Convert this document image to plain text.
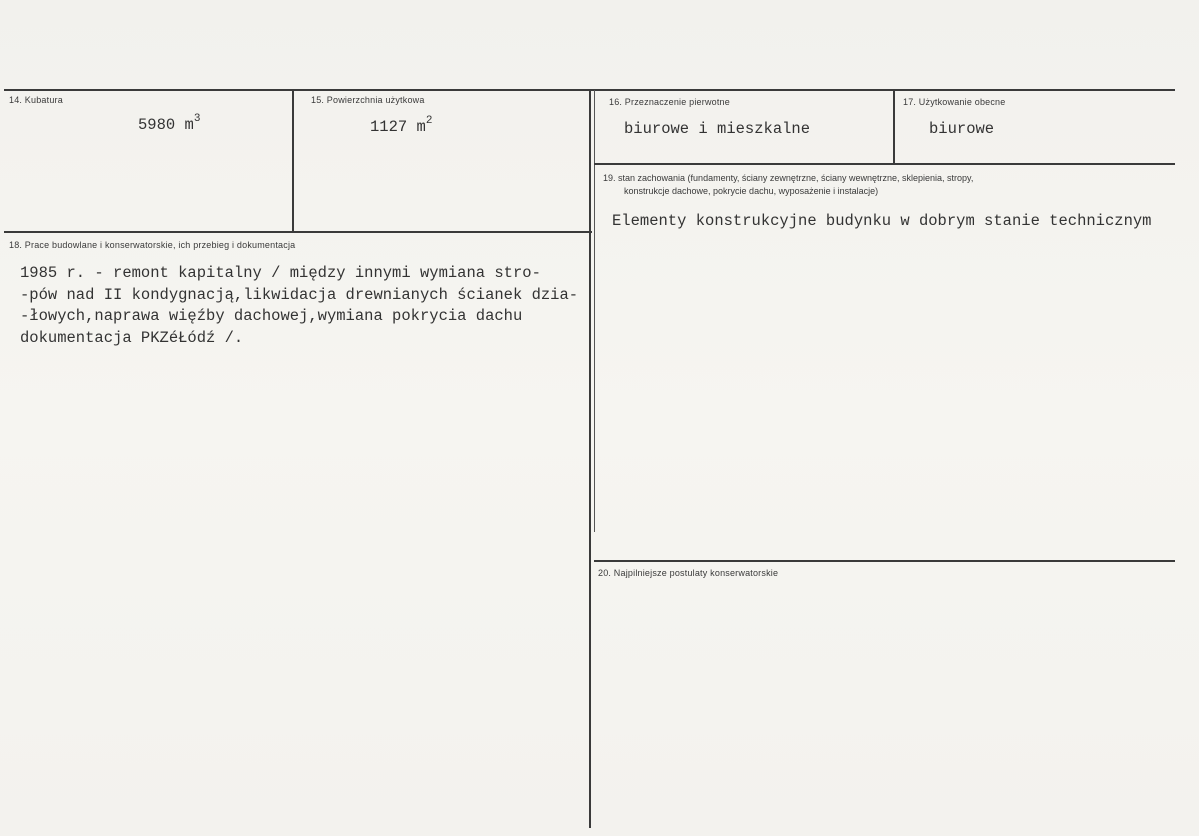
14. Kubatura
5980 $m^3$
15. Powierzchnia użytkowa
1127 $m^2$
16. Przeznaczenie pierwotne
biurowe i mieszkalne
17. Użytkowanie obecne
biurowe
18. Prace budowlane i konserwatorskie, ich przebieg i dokumentacja
1985 r. - remont kapitalny / między innymi wymiana stro-
-pów nad II kondygnacją,likwidacja drewnianych ścianek dzia-
-łowych,naprawa więźby dachowej,wymiana pokrycia dachu
dokumentacja PKZéŁódź /.
19. stan zachowania (fundamenty, ściany zewnętrzne, ściany wewnętrzne, sklepienia, stropy,
konstrukcje dachowe, pokrycie dachu, wyposażenie i instalacje)
Elementy konstrukcyjne budynku w dobrym stanie technicznym
20. Najpilniejsze postulaty konserwatorskie
